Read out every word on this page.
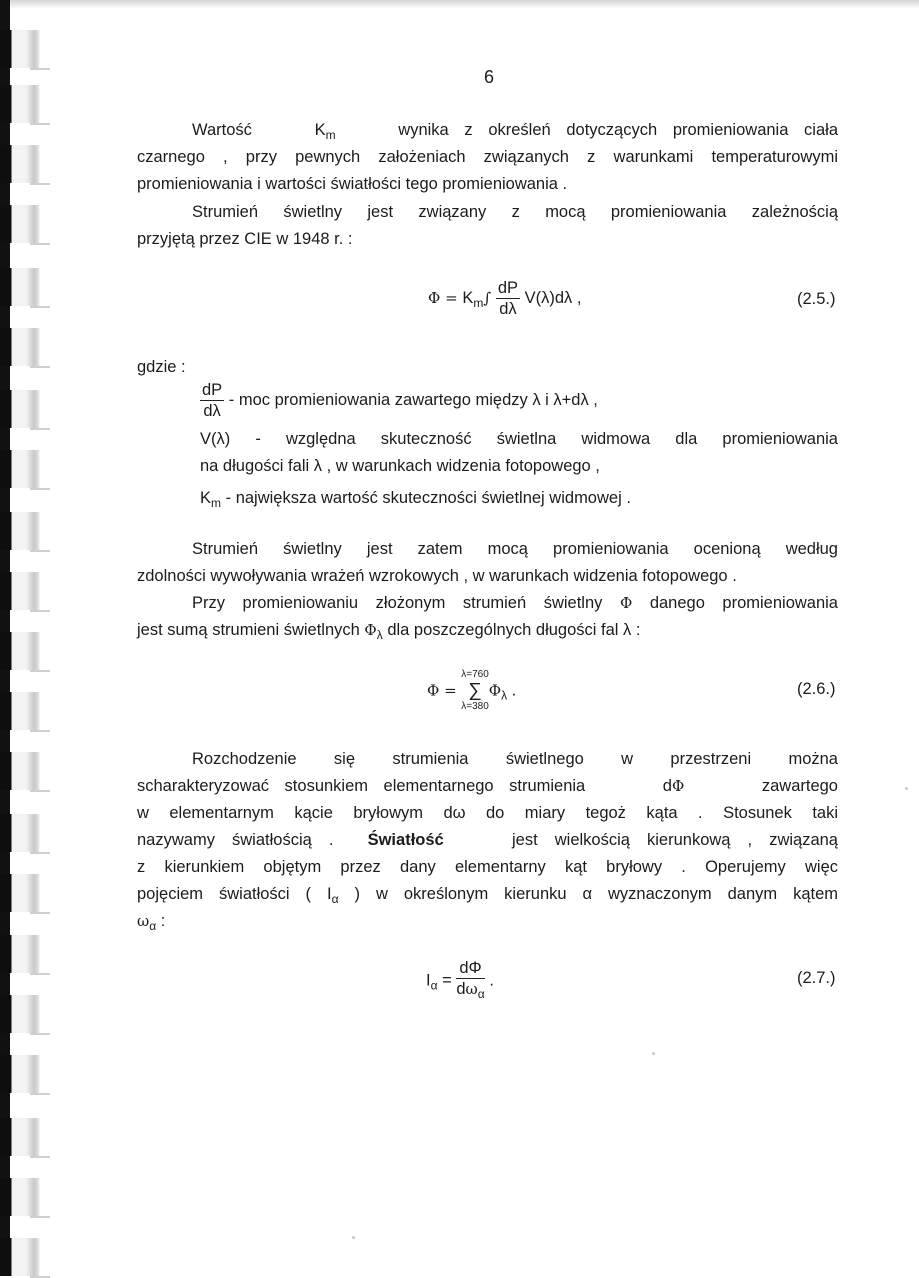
6
Wartość	$K_m$	wynika z określeń dotyczących promieniowania ciała
czarnego , przy pewnych założeniach związanych z warunkami temperaturowymi
promieniowania i wartości światłości tego promieniowania .
Strumień świetlny jest związany z mocą promieniowania zależnością
przyjętą przez CIE w 1948 r. :
$\Phi = K_m\int \frac{dP}{d\lambda} V(\lambda)d\lambda$ ,	(2.5.)
gdzie :
$\frac{dP}{d\lambda}$ - moc promieniowania zawartego między λ i λ+dλ ,
V(λ) - względna skuteczność świetlna widmowa dla promieniowania
na długości fali λ , w warunkach widzenia fotopowego ,
$K_m$ - największa wartość skuteczności świetlnej widmowej .
Strumień świetlny jest zatem mocą promieniowania ocenioną według
zdolności wywoływania wrażeń wzrokowych , w warunkach widzenia fotopowego .
Przy promieniowaniu złożonym strumień świetlny Φ danego promieniowania
jest sumą strumieni świetlnych $\Phi_\lambda$ dla poszczególnych długości fal λ :
Φ =
λ=760
∑
λ=380
$\Phi_\lambda$ .	(2.6.)
Rozchodzenie się strumienia świetlnego w przestrzeni można
scharakteryzować stosunkiem elementarnego strumienia	dΦ	zawartego
w elementarnym kącie bryłowym dω do miary tegoż kąta . Stosunek taki
nazywamy światłością . Światłość	jest wielkością kierunkową , związaną
z kierunkiem objętym przez dany elementarny kąt bryłowy . Operujemy więc
pojęciem światłości ( $I_\alpha$ ) w określonym kierunku α wyznaczonym danym kątem
$\omega_\alpha$ :
$I_\alpha = \frac{d\Phi}{d\omega_\alpha}$ .	(2.7.)
